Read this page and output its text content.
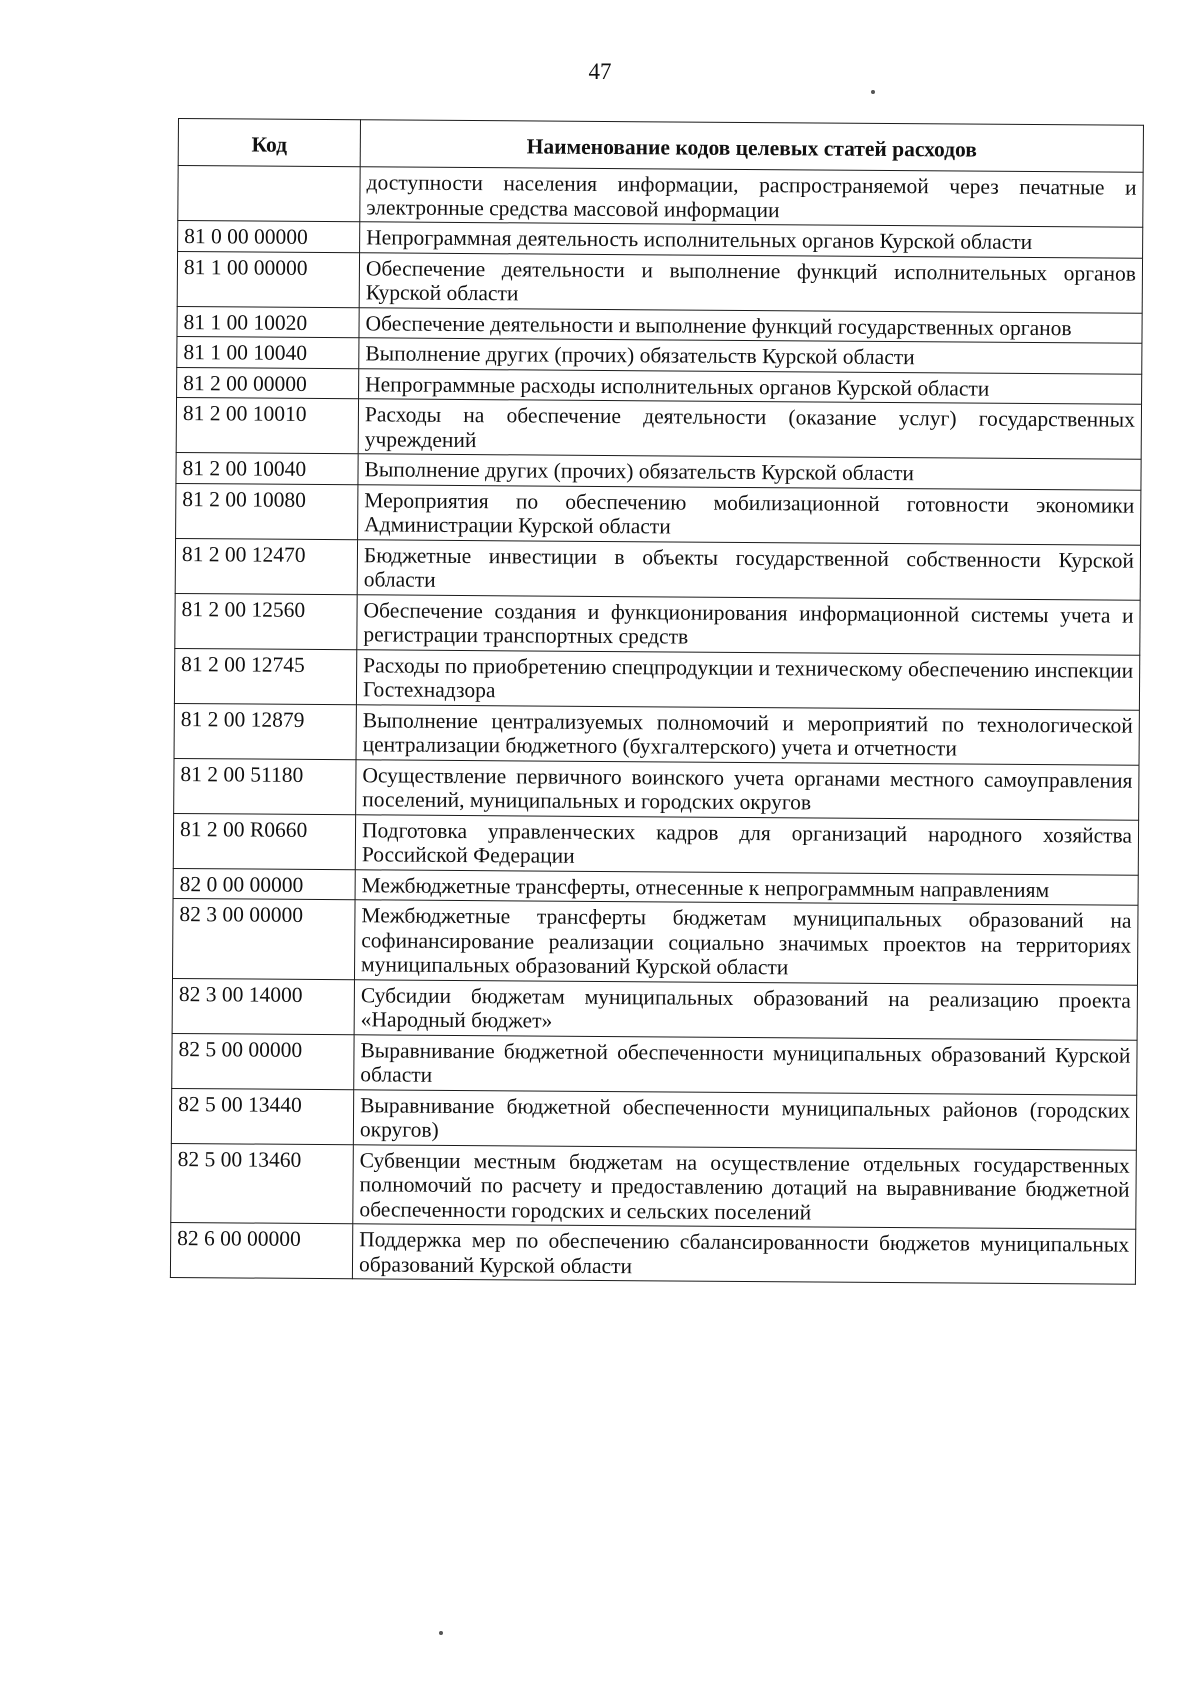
47
Код	Наименование кодов целевых статей расходов
	доступности населения информации, распространяемой через печатные и электронные средства массовой информации
81 0 00 00000	Непрограммная деятельность исполнительных органов Курской области
81 1 00 00000	Обеспечение деятельности и выполнение функций исполнительных органов Курской области
81 1 00 10020	Обеспечение деятельности и выполнение функций государственных органов
81 1 00 10040	Выполнение других (прочих) обязательств Курской области
81 2 00 00000	Непрограммные расходы исполнительных органов Курской области
81 2 00 10010	Расходы на обеспечение деятельности (оказание услуг) государственных учреждений
81 2 00 10040	Выполнение других (прочих) обязательств Курской области
81 2 00 10080	Мероприятия по обеспечению мобилизационной готовности экономики Администрации Курской области
81 2 00 12470	Бюджетные инвестиции в объекты государственной собственности Курской области
81 2 00 12560	Обеспечение создания и функционирования информационной системы учета и регистрации транспортных средств
81 2 00 12745	Расходы по приобретению спецпродукции и техническому обеспечению инспекции Гостехнадзора
81 2 00 12879	Выполнение централизуемых полномочий и мероприятий по технологической централизации бюджетного (бухгалтерского) учета и отчетности
81 2 00 51180	Осуществление первичного воинского учета органами местного самоуправления поселений, муниципальных и городских округов
81 2 00 R0660	Подготовка управленческих кадров для организаций народного хозяйства Российской Федерации
82 0 00 00000	Межбюджетные трансферты, отнесенные к непрограммным направлениям
82 3 00 00000	Межбюджетные трансферты бюджетам муниципальных образований на софинансирование реализации социально значимых проектов на территориях муниципальных образований Курской области
82 3 00 14000	Субсидии бюджетам муниципальных образований на реализацию проекта «Народный бюджет»
82 5 00 00000	Выравнивание бюджетной обеспеченности муниципальных образований Курской области
82 5 00 13440	Выравнивание бюджетной обеспеченности муниципальных районов (городских округов)
82 5 00 13460	Субвенции местным бюджетам на осуществление отдельных государственных полномочий по расчету и предоставлению дотаций на выравнивание бюджетной обеспеченности городских и сельских поселений
82 6 00 00000	Поддержка мер по обеспечению сбалансированности бюджетов муниципальных образований Курской области
